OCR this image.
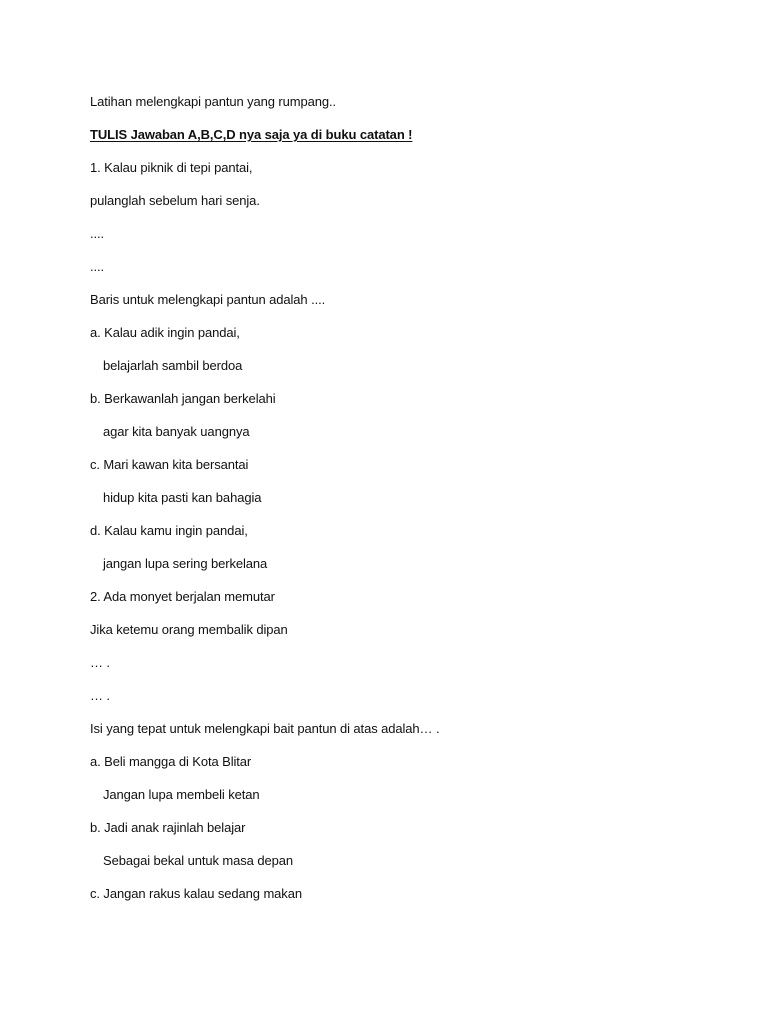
Latihan melengkapi pantun yang rumpang..
TULIS Jawaban A,B,C,D nya saja ya di buku catatan !
1. Kalau piknik di tepi pantai,
pulanglah sebelum hari senja.
....
....
Baris untuk melengkapi pantun adalah ....
a. Kalau adik ingin pandai,
belajarlah sambil berdoa
b. Berkawanlah jangan berkelahi
agar kita banyak uangnya
c. Mari kawan kita bersantai
hidup kita pasti kan bahagia
d. Kalau kamu ingin pandai,
jangan lupa sering berkelana
2. Ada monyet berjalan memutar
Jika ketemu orang membalik dipan
… .
… .
Isi yang tepat untuk melengkapi bait pantun di atas adalah… .
a. Beli mangga di Kota Blitar
Jangan lupa membeli ketan
b. Jadi anak rajinlah belajar
Sebagai bekal untuk masa depan
c. Jangan rakus kalau sedang makan
